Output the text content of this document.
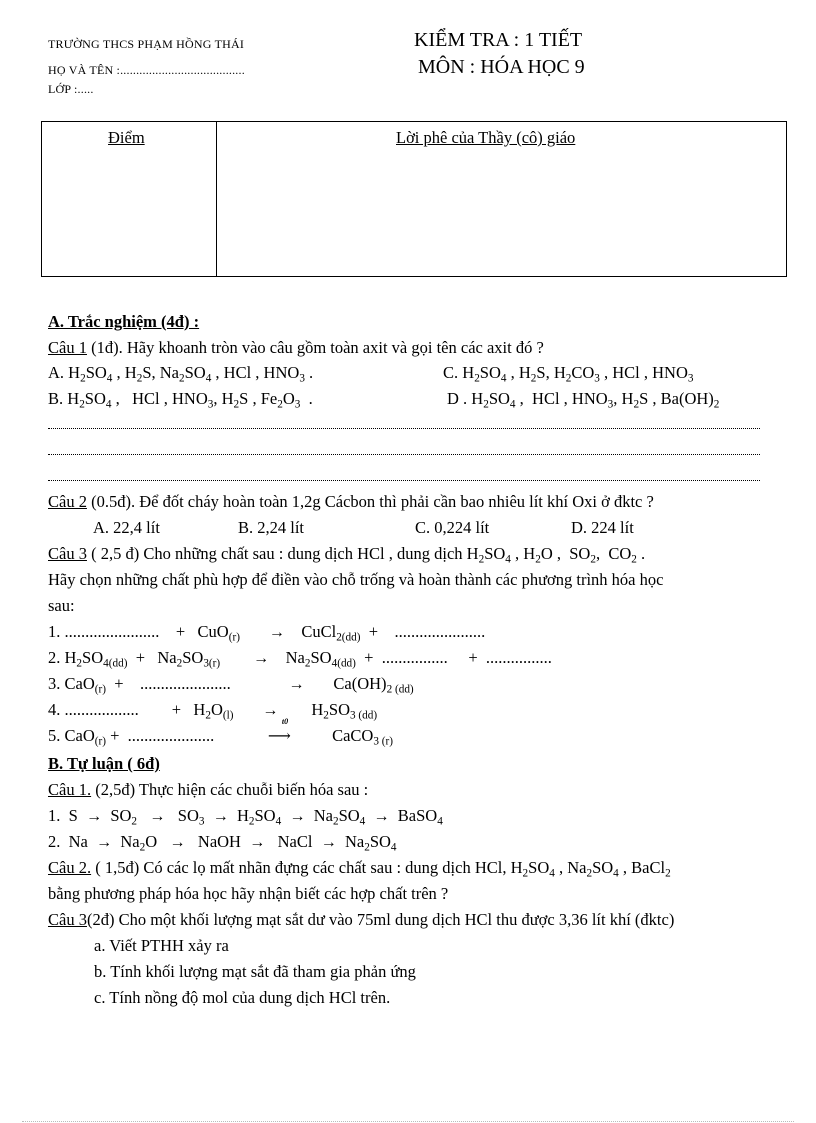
TRƯỜNG THCS PHẠM HỒNG THÁI
HỌ VÀ TÊN :.......................................
LỚP :.....
KIỂM TRA : 1 TIẾT
MÔN : HÓA HỌC 9
Điểm	Lời phê của Thầy (cô) giáo
A. Trắc nghiệm (4đ) :
Câu 1 (1đ). Hãy khoanh tròn vào câu gồm toàn axit và gọi tên các axit đó ?
A. $H_2SO_4$ , $H_2S$, $Na_2SO_4$ , HCl , $HNO_3$ .	C. $H_2SO_4$ , $H_2S$, $H_2CO_3$ , HCl , $HNO_3$
B. $H_2SO_4$ ,   HCl , $HNO_3$, $H_2S$ , $Fe_2O_3$  .	D . $H_2SO_4$ ,  HCl , $HNO_3$, $H_2S$ , $Ba(OH)_2$
Câu 2 (0.5đ). Để đốt cháy hoàn toàn 1,2g Cácbon thì phải cần bao nhiêu lít khí Oxi ở đktc ?
A. 22,4 lít	B. 2,24 lít	C. 0,224 lít	D. 224 lít
Câu 3 ( 2,5 đ) Cho những chất sau : dung dịch HCl , dung dịch $H_2SO_4$ , $H_2O$ ,  $SO_2$,  $CO_2$ .
Hãy chọn những chất phù hợp để điền vào chỗ trống và hoàn thành các phương trình hóa học
sau:
1. .......................    +   CuO$_{(r)}$ →    CuCl$_{2(dd)}$  +    ......................
2. $H_2SO_{4(dd)} + Na_2SO_{3(r)}$ →    $Na_2SO_{4(dd)}$  +  ................     +  ................
3. CaO$_{(r)}$  +    ......................              →       $Ca(OH)_{2 (dd)}$
4. ..................        +   $H_2O_{(l)}$ →        $H_2SO_{3 (dd)}$
5. CaO$_{(r)}$ +  .....................
t0
⟶          CaCO$_{3 (r)}$
B. Tự luận ( 6đ)
Câu 1. (2,5đ) Thực hiện các chuỗi biến hóa sau :
1.  $S \to SO_2 \to SO_3 \to H_2SO_4 \to Na_2SO_4$ →  BaSO$_4$
2.  $Na \to Na_2O$   →   NaOH  →   NaCl  →  $Na_2SO_4$
Câu 2. ( 1,5đ) Có các lọ mất nhãn đựng các chất sau : dung dịch HCl, $H_2SO_4$ , $Na_2SO_4$ , BaCl$_2$
bằng phương pháp hóa học hãy nhận biết các hợp chất trên ?
Câu 3(2đ) Cho một khối lượng mạt sắt dư vào 75ml dung dịch HCl thu được 3,36 lít khí (đktc)
a. Viết PTHH xảy ra
b. Tính khối lượng mạt sắt đã tham gia phản ứng
c. Tính nồng độ mol của dung dịch HCl trên.
